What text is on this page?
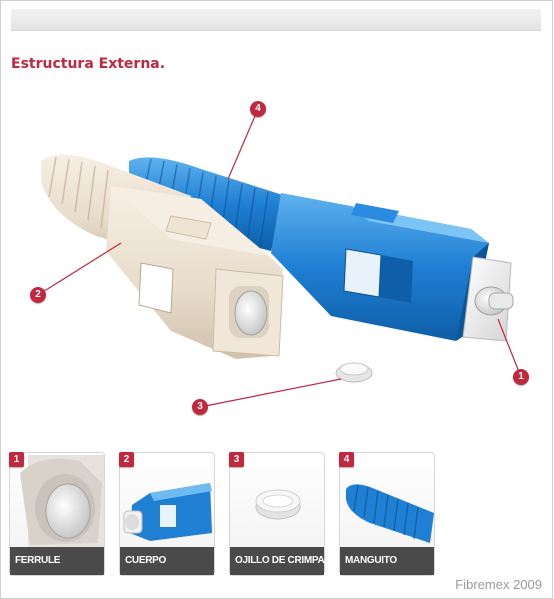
Estructura Externa.
4
2
3
1
1
FERRULE
2
CUERPO
3
OJILLO DE CRIMPADO
4
MANGUITO
Fibremex 2009
